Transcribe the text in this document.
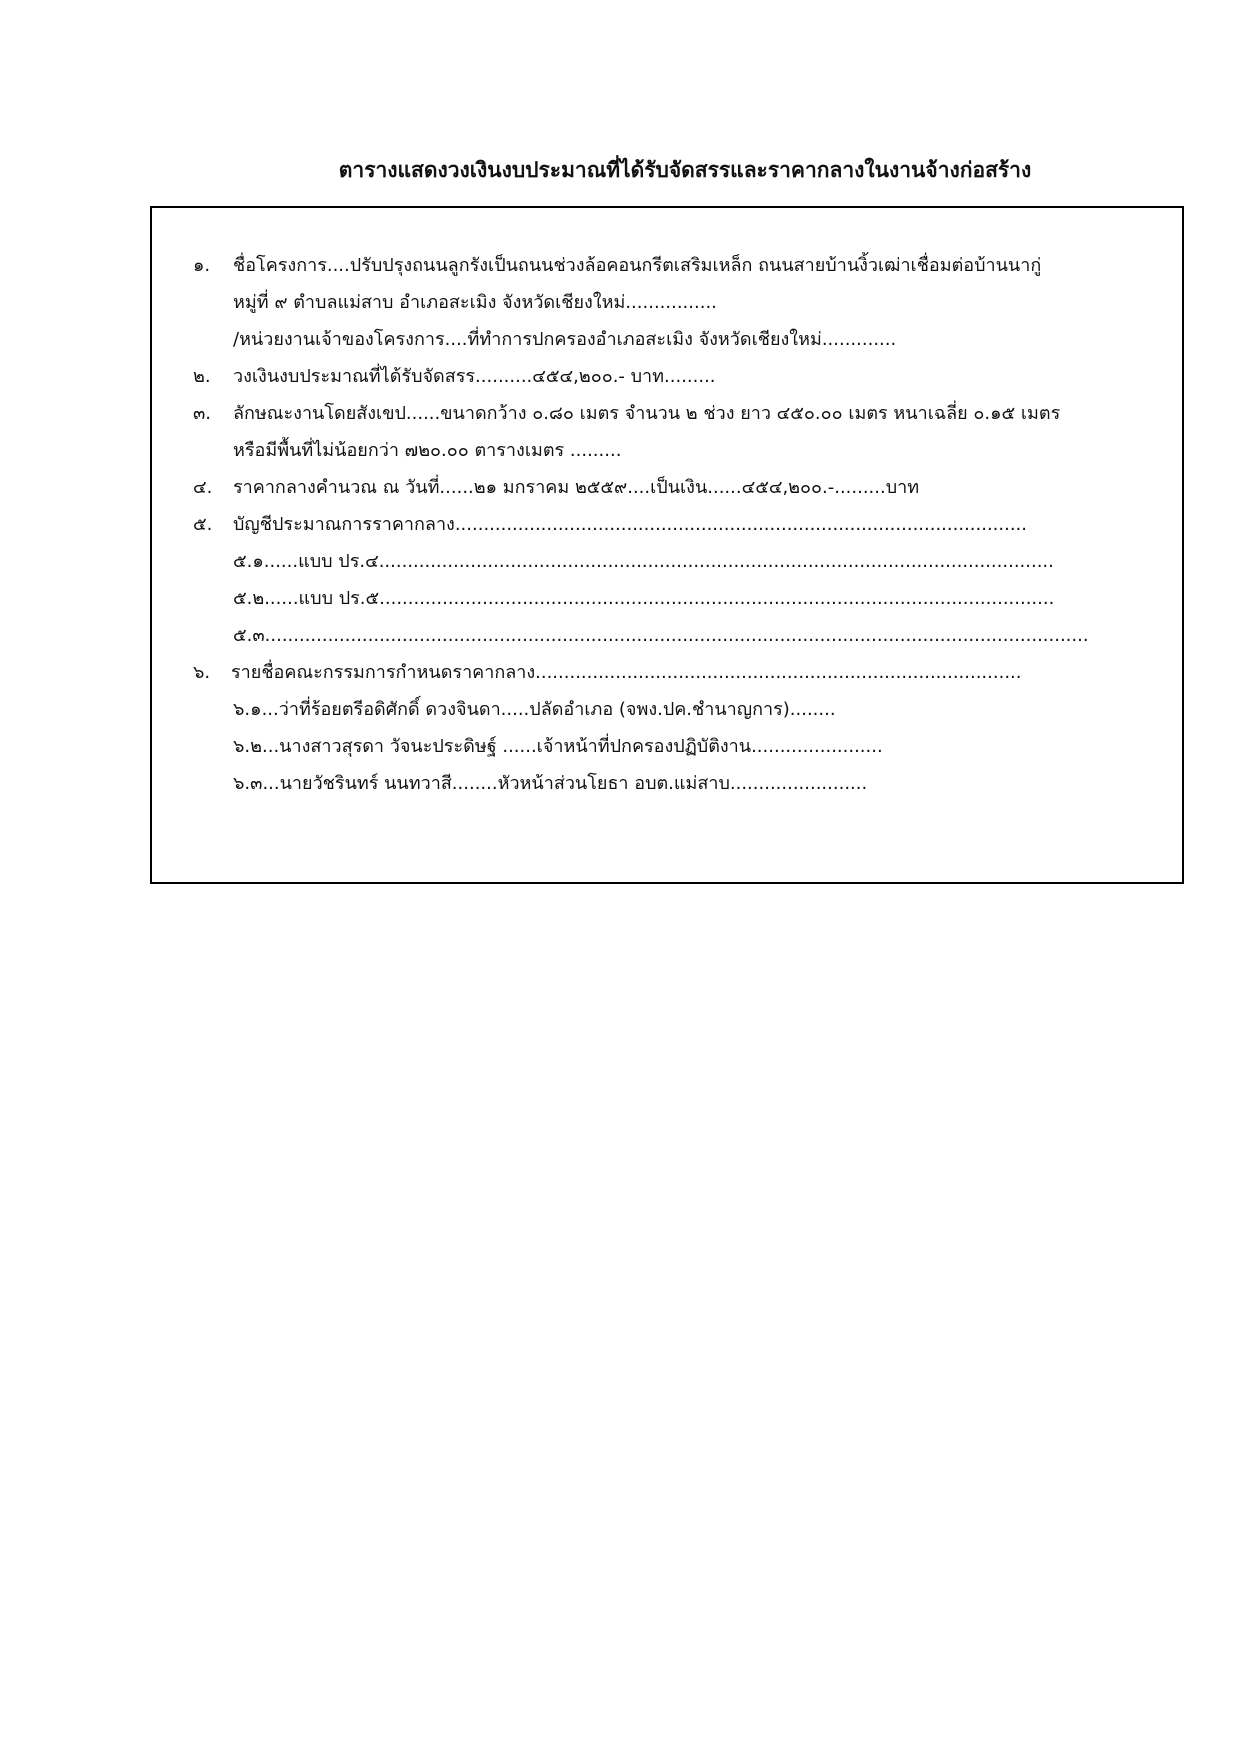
ตารางแสดงวงเงินงบประมาณที่ได้รับจัดสรรและราคากลางในงานจ้างก่อสร้าง
๑. ชื่อโครงการ....ปรับปรุงถนนลูกรังเป็นถนนช่วงล้อคอนกรีตเสริมเหล็ก ถนนสายบ้านงิ้วเฒ่าเชื่อมต่อบ้านนากู่
หมู่ที่ ๙ ตำบลแม่สาบ อำเภอสะเมิง จังหวัดเชียงใหม่................
/หน่วยงานเจ้าของโครงการ....ที่ทำการปกครองอำเภอสะเมิง จังหวัดเชียงใหม่.............
๒. วงเงินงบประมาณที่ได้รับจัดสรร..........๔๕๔,๒๐๐.- บาท.........
๓. ลักษณะงานโดยสังเขป......ขนาดกว้าง ๐.๘๐ เมตร จำนวน ๒ ช่วง ยาว ๔๕๐.๐๐ เมตร หนาเฉลี่ย ๐.๑๕ เมตร
หรือมีพื้นที่ไม่น้อยกว่า ๗๒๐.๐๐ ตารางเมตร .........
๔. ราคากลางคำนวณ ณ วันที่......๒๑ มกราคม ๒๕๕๙....เป็นเงิน......๔๕๔,๒๐๐.-.........บาท
๕. บัญชีประมาณการราคากลาง....................................................................................................
๕.๑......แบบ ปร.๔......................................................................................................................
๕.๒......แบบ ปร.๕......................................................................................................................
๕.๓................................................................................................................................................
๖. รายชื่อคณะกรรมการกำหนดราคากลาง.....................................................................................
๖.๑...ว่าที่ร้อยตรีอดิศักดิ์ ดวงจินดา.....ปลัดอำเภอ (จพง.ปค.ชำนาญการ)........
๖.๒...นางสาวสุรดา วัจนะประดิษฐ์ ......เจ้าหน้าที่ปกครองปฏิบัติงาน.......................
๖.๓...นายวัชรินทร์ นนทวาสี........หัวหน้าส่วนโยธา อบต.แม่สาบ........................
